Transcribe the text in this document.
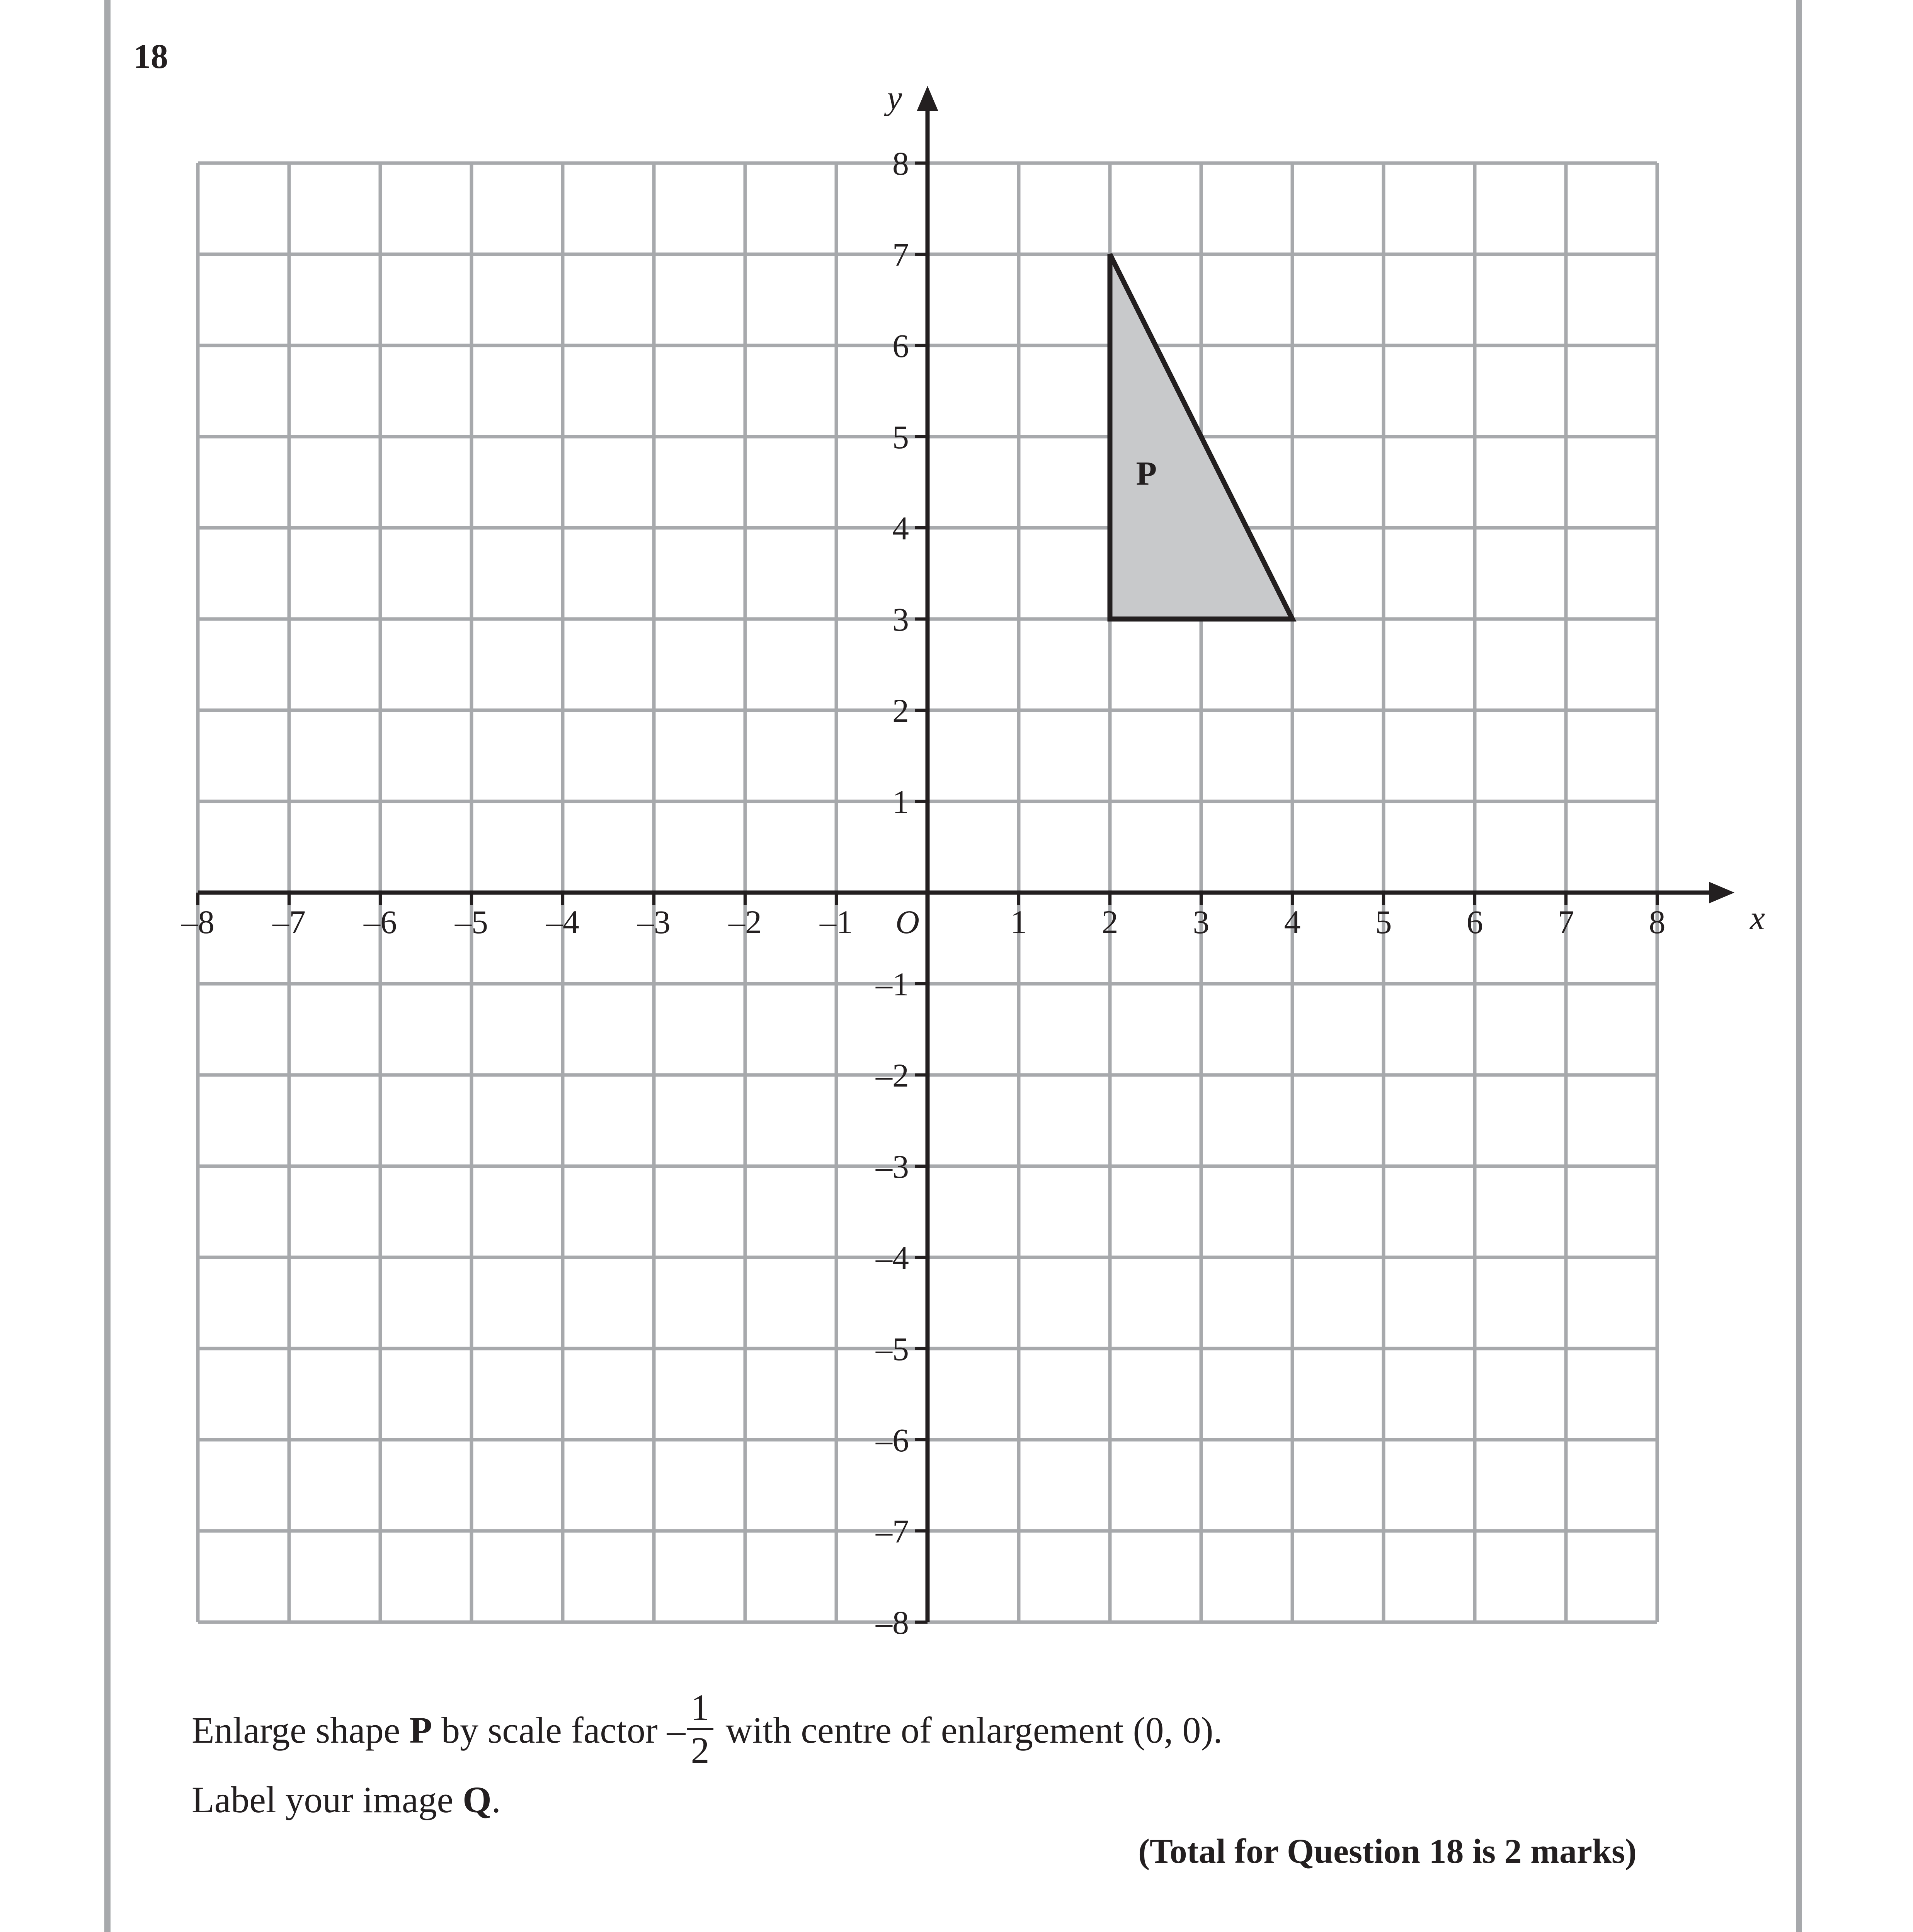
18

–8 –7 –6 –5 –4 –3 –2 –1	1 2 3 4 5 6 7 8
–8
–7
–6
–5
–4
–3
–2
–1
1
2
3
4
5
6
7
8
x
y
O
P
Enlarge shape P by scale factor – $\frac{1}{2}$ with centre of enlargement (0, 0).
Label your image Q.
(Total for Question 18 is 2 marks)
